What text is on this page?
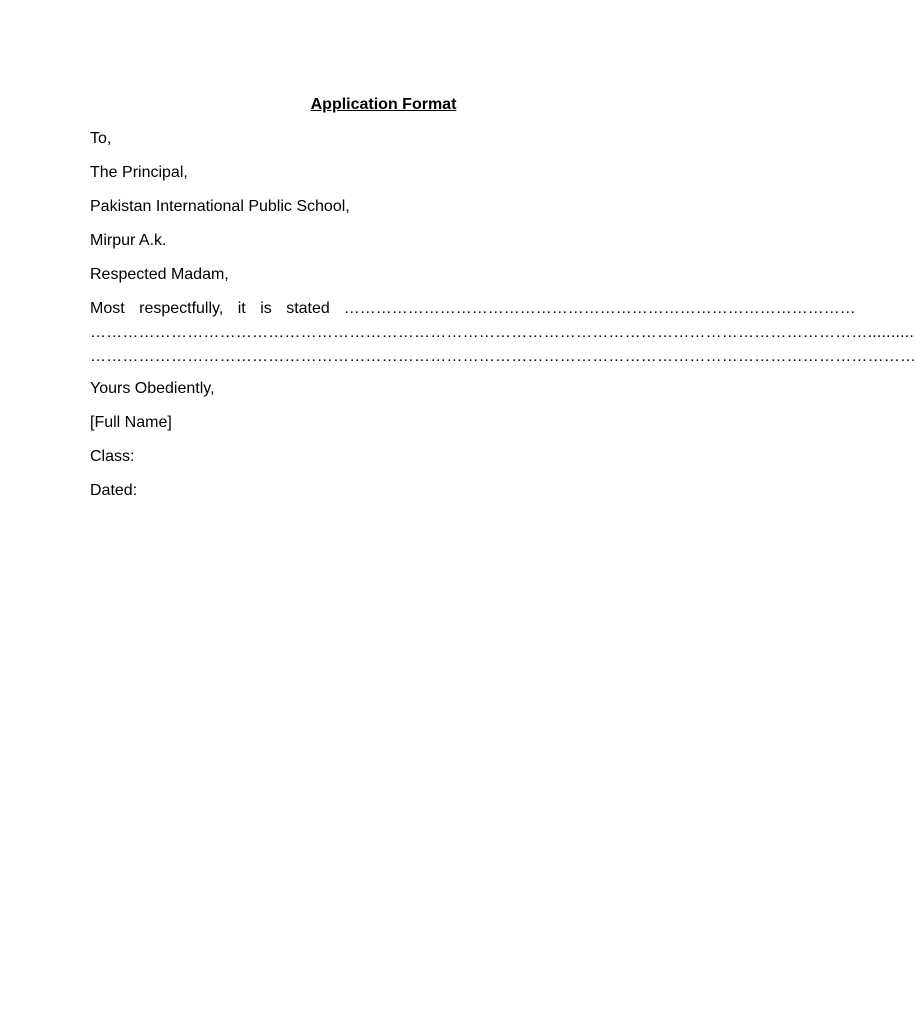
Application Format
To,
The Principal,
Pakistan International Public School,
Mirpur A.k.
Respected Madam,
Most respectfully, it is stated ……………………………………………………………………………………
………………………………………………………………………………………………………………………………..........
………………………………………………………………………………………………………………………………………
Yours Obediently,
[Full Name]
Class:
Dated:
